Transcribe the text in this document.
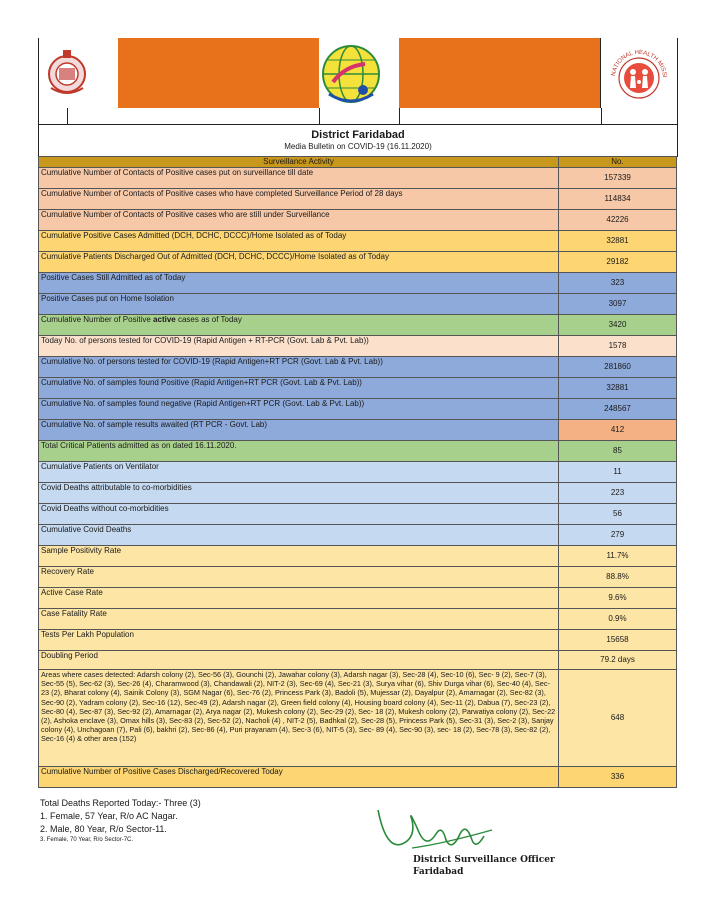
NATIONAL HEALTH MISSI
District Faridabad
Media Bulletin on COVID-19 (16.11.2020)
Surveillance Activity	No.
Cumulative Number of Contacts of Positive cases put on surveillance till date	157339
Cumulative Number of Contacts of Positive cases who have completed Surveillance Period of 28 days	114834
Cumulative Number of Contacts of Positive cases who are still under Surveillance	42226
Cumulative Positive Cases Admitted (DCH, DCHC, DCCC)/Home Isolated as of Today	32881
Cumulative Patients Discharged Out of Admitted (DCH, DCHC, DCCC)/Home Isolated as of Today	29182
Positive Cases Still Admitted as of Today	323
Positive Cases put on Home Isolation	3097
Cumulative Number of Positive active cases as of Today	3420
Today No. of persons tested for COVID-19 (Rapid Antigen + RT-PCR (Govt. Lab & Pvt. Lab))	1578
Cumulative No. of persons tested for COVID-19 (Rapid Antigen+RT PCR (Govt. Lab & Pvt. Lab))	281860
Cumulative No. of samples found Positive (Rapid Antigen+RT PCR (Govt. Lab & Pvt. Lab))	32881
Cumulative No. of samples found negative (Rapid Antigen+RT PCR (Govt. Lab & Pvt. Lab))	248567
Cumulative No. of sample results awaited (RT PCR - Govt. Lab)	412
Total Critical Patients admitted as on dated 16.11.2020.	85
Cumulative Patients on Ventilator	11
Covid Deaths attributable to co-morbidities	223
Covid Deaths without co-morbidities	56
Cumulative Covid Deaths	279
Sample Positivity Rate	11.7%
Recovery Rate	88.8%
Active Case Rate	9.6%
Case Fatality Rate	0.9%
Tests Per Lakh Population	15658
Doubling Period	79.2 days
Areas where cases detected: Adarsh colony (2), Sec-56 (3), Gounchi (2), Jawahar colony (3), Adarsh nagar (3), Sec-28 (4), Sec-10 (6), Sec- 9 (2), Sec-7 (3), Sec-55 (5), Sec-62 (3), Sec-26 (4), Charamwood (3), Chandawali (2), NIT-2 (3), Sec-69 (4), Sec-21 (3), Surya vihar (6), Shiv Durga vihar (6), Sec-40 (4), Sec-23 (2), Bharat colony (4), Sainik Colony (3), SGM Nagar (6), Sec-76 (2), Princess Park (3), Badoli (5), Mujessar (2), Dayalpur (2), Amarnagar (2), Sec-82 (3), Sec-90 (2), Yadram colony (2), Sec-16 (12), Sec-49 (2), Adarsh nagar (2), Green field colony (4), Housing board colony (4), Sec-11 (2), Dabua (7), Sec-23 (2), Sec-80 (4), Sec-87 (3), Sec-92 (2), Amarnagar (2), Arya nagar (2), Mukesh colony (2), Sec-29 (2), Sec- 18 (2), Mukesh colony (2), Parwatiya colony (2), Sec-22 (2), Ashoka enclave (3), Omax hills (3), Sec-83 (2), Sec-52 (2), Nacholi (4) , NIT-2 (5), Badhkal (2), Sec-28 (5), Princess Park (5), Sec-31 (3), Sec-2 (3), Sanjay colony (4), Unchagoan (7), Pali (6), bakhri (2), Sec-86 (4), Puri prayanam (4), Sec-3 (6), NIT-5 (3), Sec- 89 (4), Sec-90 (3), sec- 18 (2), Sec-78 (3), Sec-82 (2), Sec-16 (4) & other area (152)	648
Cumulative Number of Positive Cases Discharged/Recovered Today	336
Total Deaths Reported Today:- Three (3)
1. Female, 57 Year, R/o AC Nagar.
2. Male, 80 Year, R/o Sector-11.
3. Female, 70 Year, R/o Sector-7C.
District Surveillance Officer
Faridabad
